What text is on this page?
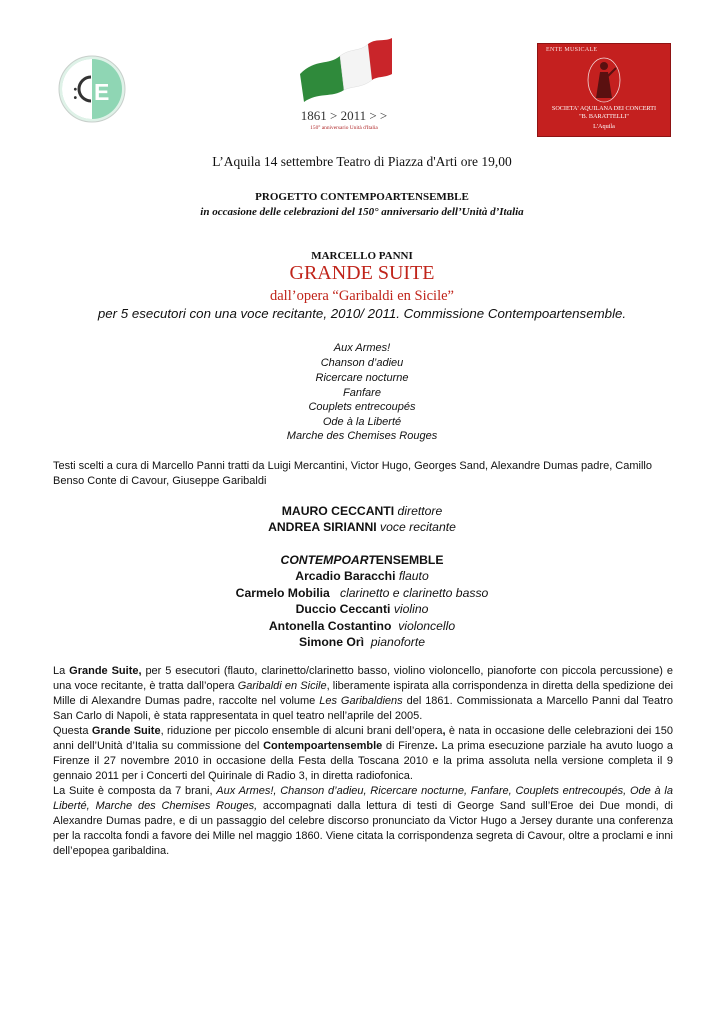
: E
1861 > 2011 > >
150° anniversario Unità d'Italia
ENTE MUSICALE
SOCIETA' AQUILANA DEI CONCERTI
"B. BARATTELLI"
L'Aquila
L’Aquila 14 settembre Teatro di Piazza d'Arti ore 19,00
PROGETTO CONTEMPOARTENSEMBLE
in occasione delle celebrazioni del 150° anniversario dell’Unità d’Italia
MARCELLO PANNI
GRANDE SUITE
dall’opera “Garibaldi en Sicile”
per 5 esecutori con una voce recitante, 2010/ 2011. Commissione Contempoartensemble.
Aux Armes!
Chanson d’adieu
Ricercare nocturne
Fanfare
Couplets entrecoupés
Ode à la Liberté
Marche des Chemises Rouges
Testi scelti a cura di Marcello Panni tratti da Luigi Mercantini, Victor Hugo, Georges Sand, Alexandre Dumas padre, Camillo
Benso Conte di Cavour, Giuseppe Garibaldi
MAURO CECCANTI direttore
ANDREA SIRIANNI voce recitante
CONTEMPOARTENSEMBLE
Arcadio Baracchi flauto
Carmelo Mobilia clarinetto e clarinetto basso
Duccio Ceccanti violino
Antonella Costantino violoncello
Simone Orì pianoforte
La Grande Suite, per 5 esecutori (flauto, clarinetto/clarinetto basso, violino violoncello, pianoforte con piccola percussione) e una voce recitante, è tratta dall’opera Garibaldi en Sicile, liberamente ispirata alla corrispondenza in diretta della spedizione dei Mille di Alexandre Dumas padre, raccolte nel volume Les Garibaldiens del 1861. Commissionata a Marcello Panni dal Teatro San Carlo di Napoli, è stata rappresentata in quel teatro nell’aprile del 2005.
Questa Grande Suite, riduzione per piccolo ensemble di alcuni brani dell’opera, è nata in occasione delle celebrazioni dei 150 anni dell’Unità d’Italia su commissione del Contempoartensemble di Firenze. La prima esecuzione parziale ha avuto luogo a Firenze il 27 novembre 2010 in occasione della Festa della Toscana 2010 e la prima assoluta nella versione completa il 9 gennaio 2011 per i Concerti del Quirinale di Radio 3, in diretta radiofonica.
La Suite è composta da 7 brani, Aux Armes!, Chanson d’adieu, Ricercare nocturne, Fanfare, Couplets entrecoupés, Ode à la Liberté, Marche des Chemises Rouges, accompagnati dalla lettura di testi di George Sand sull’Eroe dei Due mondi, di Alexandre Dumas padre, e di un passaggio del celebre discorso pronunciato da Victor Hugo a Jersey durante una conferenza per la raccolta fondi a favore dei Mille nel maggio 1860. Viene citata la corrispondenza segreta di Cavour, oltre a proclami e inni dell’epopea garibaldina.
